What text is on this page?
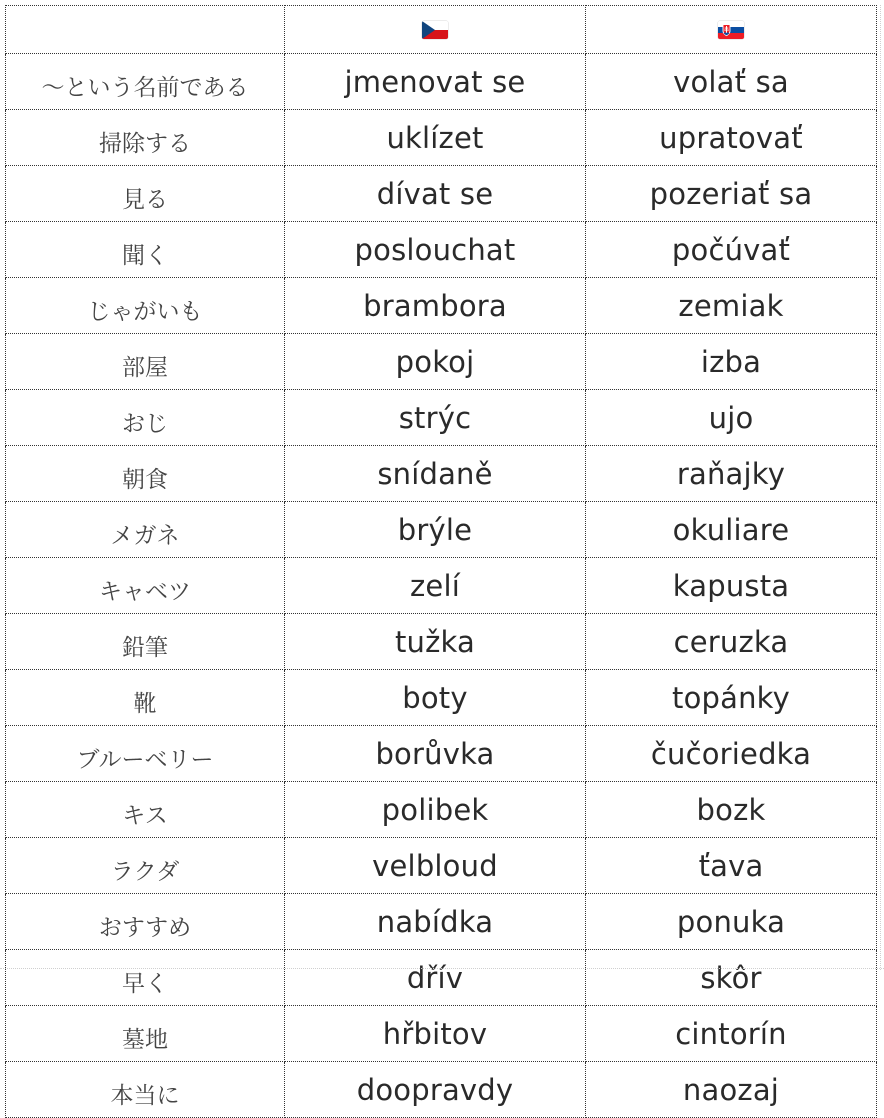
〜という名前である	jmenovat se	volať sa
掃除する	uklízet	upratovať
見る	dívat se	pozeriať sa
聞く	poslouchat	počúvať
じゃがいも	brambora	zemiak
部屋	pokoj	izba
おじ	strýc	ujo
朝食	snídaně	raňajky
メガネ	brýle	okuliare
キャベツ	zelí	kapusta
鉛筆	tužka	ceruzka
靴	boty	topánky
ブルーベリー	borůvka	čučoriedka
キス	polibek	bozk
ラクダ	velbloud	ťava
おすすめ	nabídka	ponuka
早く	dřív	skôr
墓地	hřbitov	cintorín
本当に	doopravdy	naozaj
